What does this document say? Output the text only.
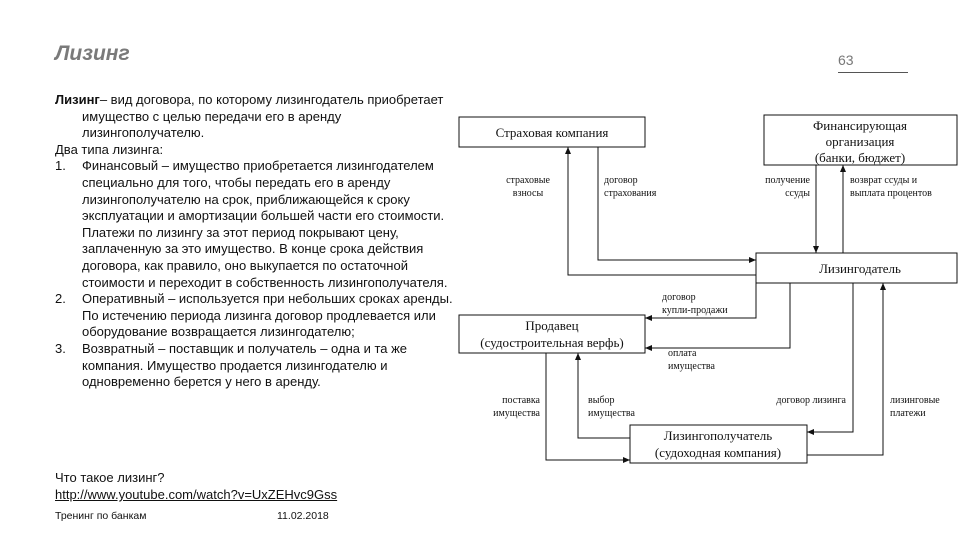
Лизинг	63

Лизинг– вид договора, по которому лизингодатель приобретает имущество с целью передачи его в аренду лизингополучателю.

Два типа лизинга:

1.	Финансовый – имущество приобретается лизингодателем специально для того, чтобы передать его в аренду лизингополучателю на срок, приближающейся к сроку эксплуатации и амортизации большей части его стоимости. Платежи по лизингу за этот период покрывают цену, заплаченную за это имущество. В конце срока действия договора, как правило, оно выкупается по остаточной стоимости и переходит в собственность лизингополучателя.
2.	Оперативный – используется при небольших сроках аренды. По истечению периода лизинга договор продлевается или оборудование возвращается лизингодателю;
3.	Возвратный – поставщик и получатель – одна и та же компания. Имущество продается лизингодателю и одновременно берется у него в аренду.
Что такое лизинг?
http://www.youtube.com/watch?v=UxZEHvc9Gss
Тренинг по банкам	11.02.2018
Страховая компания	Финансирующая
организация
(банки, бюджет)
Лизингодатель
Продавец
(судостроительная верфь)
Лизингополучатель
(судоходная компания)
страховые
взносы
договор
страхования
получение
ссуды
возврат ссуды и
выплата процентов
договор
купли-продажи
оплата
имущества
поставка
имущества
выбор
имущества
договор лизинга	лизинговые
платежи
